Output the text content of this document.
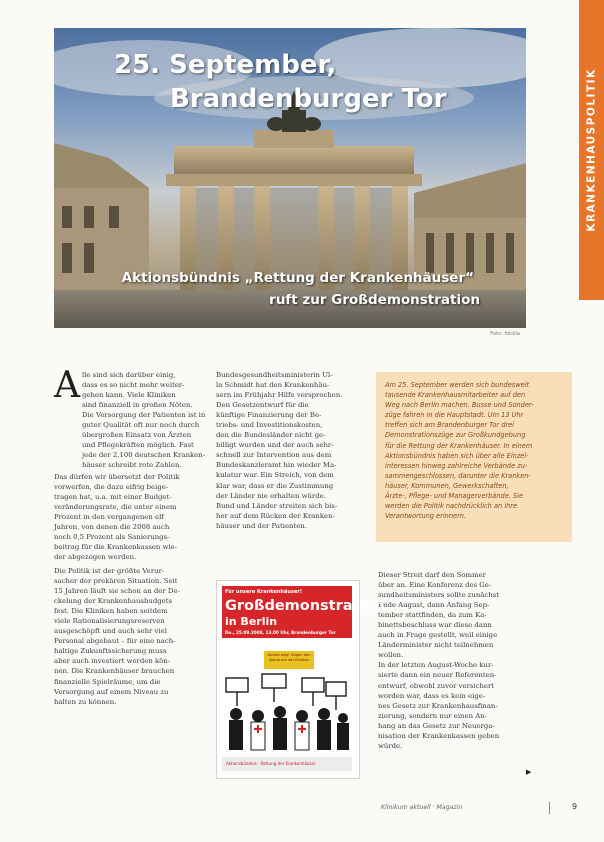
KRANKENHAUSPOLITIK
25. September,
Brandenburger Tor
Aktionsbündnis „Rettung der Krankenhäuser“
ruft zur Großdemonstration
Foto: fotolia
A lle sind sich darüber einig,
dass es so nicht mehr weiter-
gehen kann. Viele Kliniken
sind finanziell in großen Nöten.
Die Versorgung der Patienten ist in
guter Qualität oft nur noch durch
übergroßen Einsatz von Ärzten
und Pflegekräften möglich. Fast
jede der 2.100 deutschen Kranken-
häuser schreibt rote Zahlen.
Das dürfen wir übersetzt der Politik
vorwerfen, die dazu eifrig beige-
tragen hat, u.a. mit einer Budget-
veränderungsrate, die unter einem
Prozent in den vergangenen elf
Jahren, von denen die 2008 auch
noch 0,5 Prozent als Sanierungs-
beitrag für die Krankenkassen wie-
der abgezogen werden.
Die Politik ist der größte Verur-
sacher der prekären Situation. Seit
15 Jahren läuft sie schon an der De-
ckelung der Krankenhausbudgets
fest. Die Kliniken haben seitdem
viele Rationalisierungsreserven
ausgeschöpft und auch sehr viel
Personal abgebaut – für eine nach-
haltige Zukunftssicherung muss
aber auch investiert werden kön-
nen. Die Krankenhäuser brauchen
finanzielle Spielräume, um die
Versorgung auf einem Niveau zu
halten zu können.
Bundesgesundheitsministerin Ul-
la Schmidt hat den Krankenhäu-
sern im Frühjahr Hilfe versprochen.
Den Gesetzentwurf für die
künftige Finanzierung der Be-
triebs- und Investitionskosten,
den die Bundesländer nicht ge-
billigt wurden und der auch sehr-
schnell zur Intervention aus dem
Bundeskanzleramt hin wieder Ma-
kulatur war. Ein Streich, von dem
klar war, dass er die Zustimmung
der Länder nie erhalten würde.
Bund und Länder streiten sich bis-
her auf dem Rücken der Kranken-
häuser und der Patienten.
Am 25. September werden sich bundesweit
tausende Krankenhausmitarbeiter auf den
Weg nach Berlin machen. Busse und Sonder-
züge fahren in die Hauptstadt. Um 13 Uhr
treffen sich am Brandenburger Tor drei
Demonstrationszüge zur Großkundgebung
für die Rettung der Krankenhäuser. In einem
Aktionsbündnis haben sich über alle Einzel-
interessen hinweg zahlreiche Verbände zu-
sammengeschlossen, darunter die Kranken-
häuser, Kommunen, Gewerkschaften,
Ärzte-, Pflege- und Managerverbände. Sie
werden die Politik nachdrücklich an ihre
Verantwortung erinnern.
Dieser Streit darf den Sommer
über an. Eine Konferenz des Ge-
sundheitsministers sollte zunächst
Ende August, dann Anfang Sep-
tember stattfinden, da zum Ka-
binettsbeschluss war diese dann
auch in Frage gestellt, weil einige
Länderminister nicht teilnehmen
wollen.
In der letzten August-Woche kur-
sierte dann ein neuer Referenten-
entwurf, obwohl zuvor versichert
worden war, dass es kein eige-
nes Gesetz zur Krankenhausfinan-
zierung, sondern nur einen An-
hang an das Gesetz zur Neuorga-
nisation der Krankenkassen geben
würde.
▶
Für unsere Krankenhäuser!
Großdemonstration
in Berlin
Do., 25.09.2008, 13.00 Uhr, Brandenburger Tor
Deckel weg! Gegen den Spardruck der Kliniken
Aktionsbündnis · Rettung der Krankenhäuser
Klinikum aktuell · Magazin	9
